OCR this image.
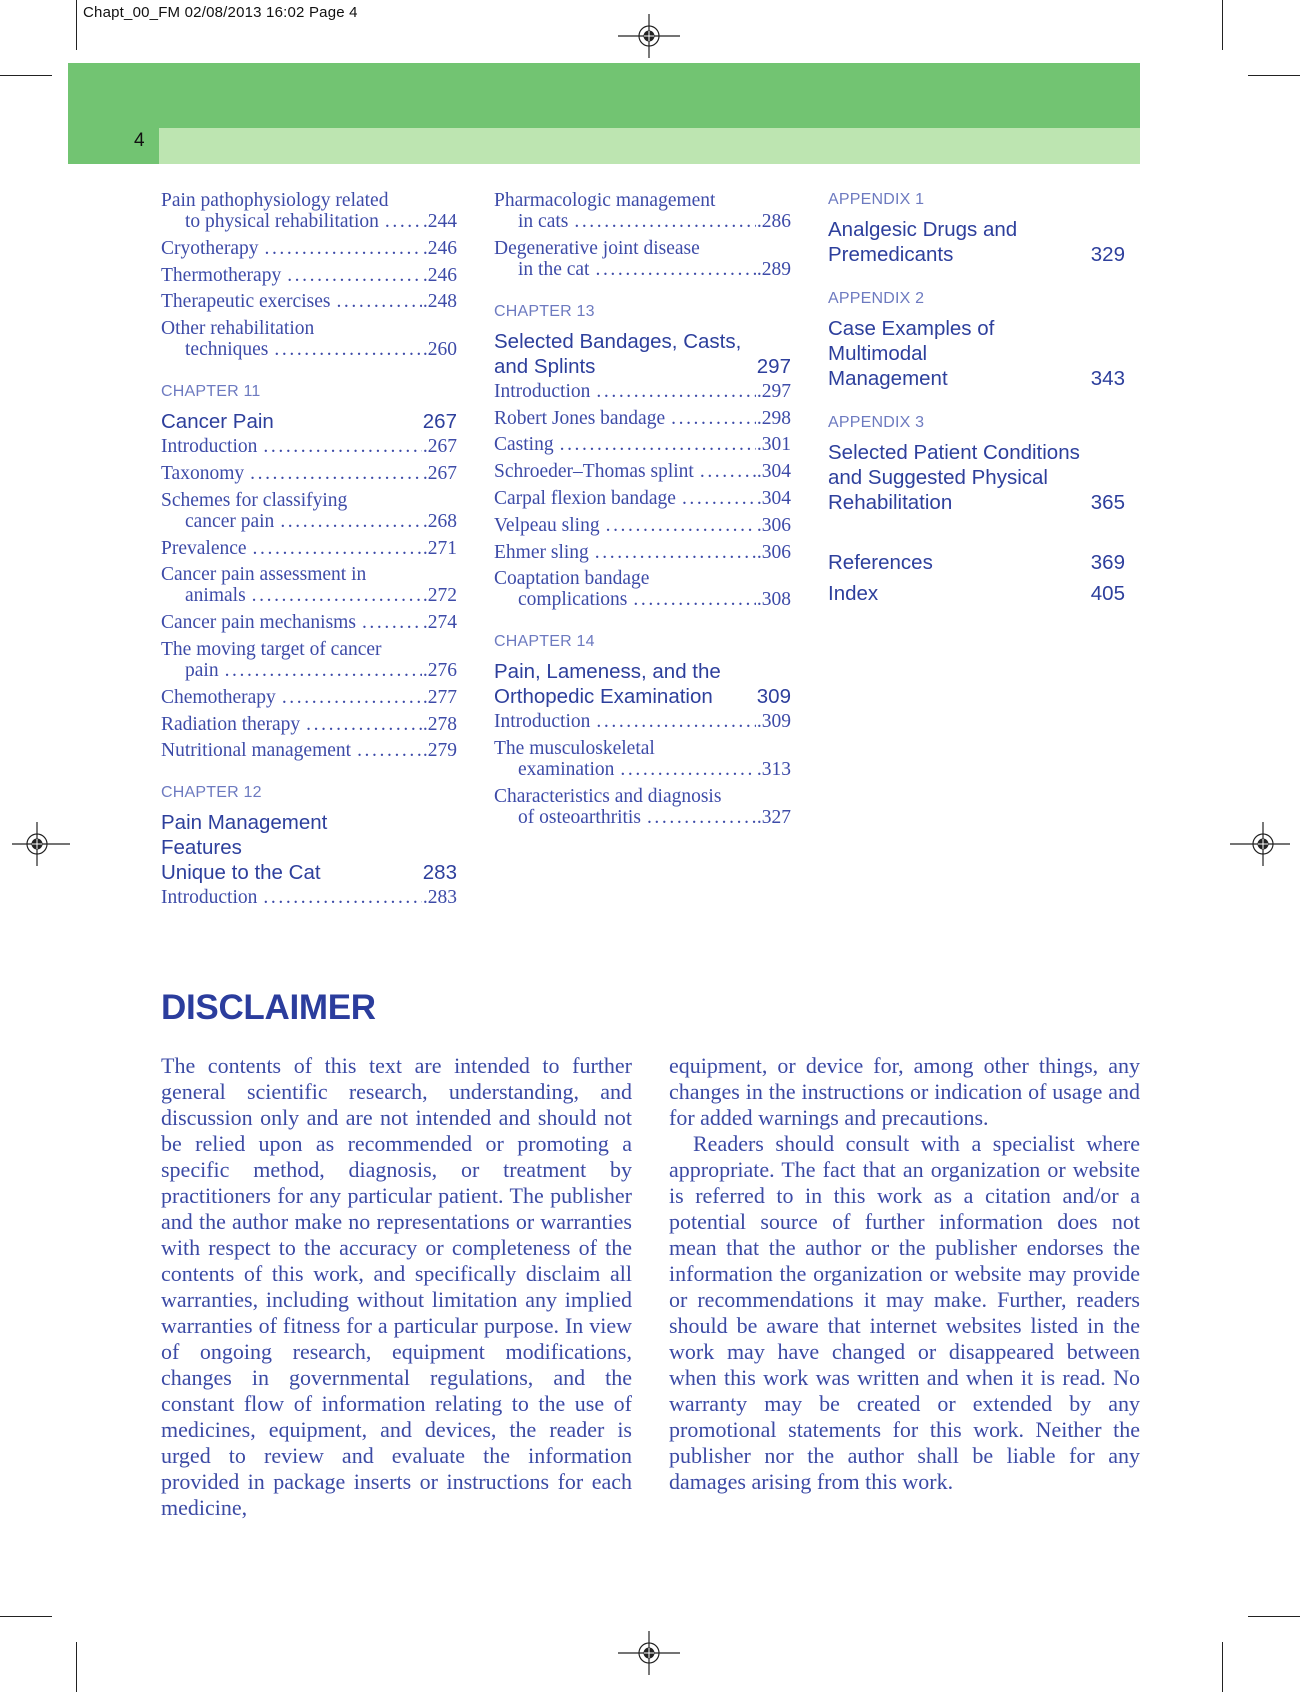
Chapt_00_FM 02/08/2013 16:02 Page 4
4
Pain pathophysiology related
to physical rehabilitation ..... .244
Cryotherapy .....	.246
Thermotherapy .....	.246
Therapeutic exercises .....	.248
Other rehabilitation
techniques .....	.260
CHAPTER 11
Cancer Pain	267
Introduction .....	.267
Taxonomy .....	.267
Schemes for classifying
cancer pain .....	.268
Prevalence .....	.271
Cancer pain assessment in
animals .....	.272
Cancer pain mechanisms .....	.274
The moving target of cancer
pain .....	.276
Chemotherapy .....	.277
Radiation therapy .....	.278
Nutritional management .....	.279
CHAPTER 12
Pain Management Features
Unique to the Cat	283
Introduction .....	.283
Pharmacologic management
in cats .....	.286
Degenerative joint disease
in the cat .....	.289
CHAPTER 13
Selected Bandages, Casts,
and Splints	297
Introduction .....	.297
Robert Jones bandage .....	.298
Casting .....	.301
Schroeder–Thomas splint .....	.304
Carpal flexion bandage .....	.304
Velpeau sling .....	.306
Ehmer sling .....	.306
Coaptation bandage
complications .....	.308
CHAPTER 14
Pain, Lameness, and the
Orthopedic Examination	309
Introduction .....	.309
The musculoskeletal
examination .....	.313
Characteristics and diagnosis
of osteoarthritis .....	.327
APPENDIX 1
Analgesic Drugs and
Premedicants	329
APPENDIX 2
Case Examples of Multimodal
Management	343
APPENDIX 3
Selected Patient Conditions
and Suggested Physical
Rehabilitation	365
References	369
Index	405
DISCLAIMER

The contents of this text are intended to further general scientific research, understanding, and discussion only and are not intended and should not be relied upon as recommended or promoting a specific method, diagnosis, or treatment by practitioners for any particular patient. The publisher and the author make no representations or warranties with respect to the accuracy or completeness of the contents of this work, and specifically disclaim all warranties, including without limitation any implied warranties of fitness for a particular purpose. In view of ongoing research, equipment modifications, changes in governmental regulations, and the constant flow of information relating to the use of medicines, equipment, and devices, the reader is urged to review and evaluate the information provided in package inserts or instructions for each medicine,

equipment, or device for, among other things, any changes in the instructions or indication of usage and for added warnings and precautions.

Readers should consult with a specialist where appropriate. The fact that an organization or website is referred to in this work as a citation and/or a potential source of further information does not mean that the author or the publisher endorses the information the organization or website may provide or recommendations it may make. Further, readers should be aware that internet websites listed in the work may have changed or disappeared between when this work was written and when it is read. No warranty may be created or extended by any promotional statements for this work. Neither the publisher nor the author shall be liable for any damages arising from this work.
